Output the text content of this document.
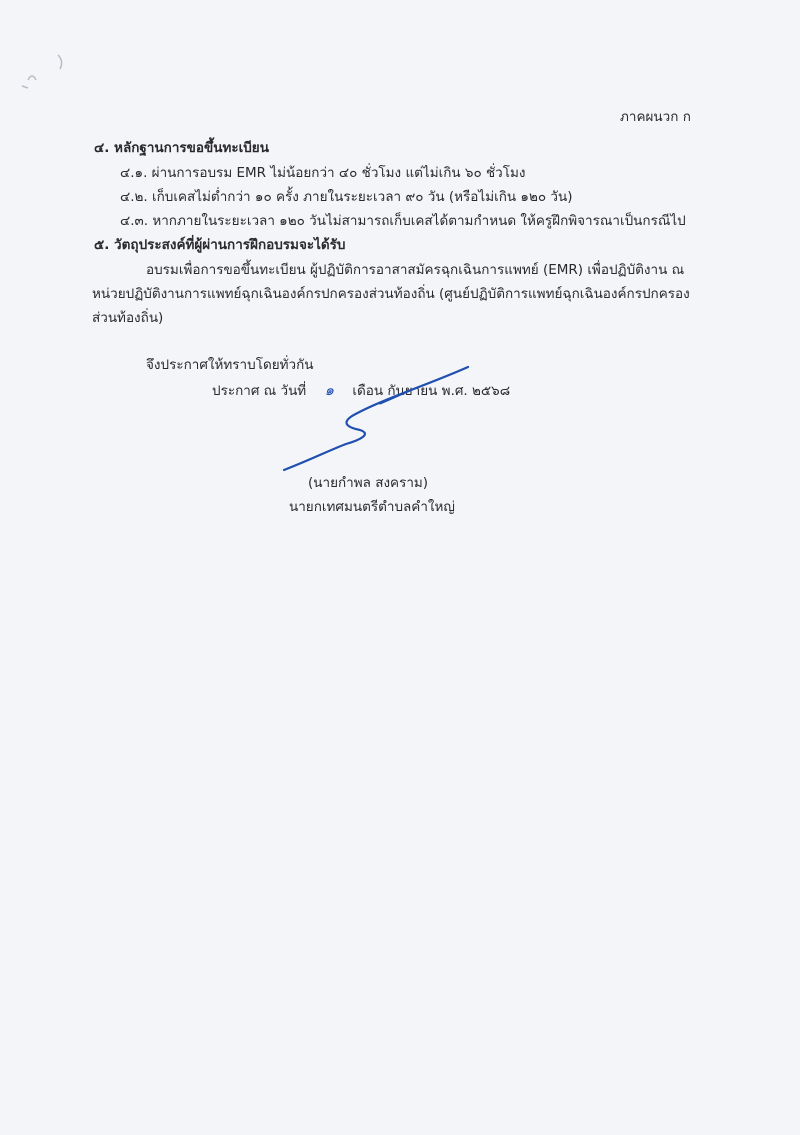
ภาคผนวก ก
๔. หลักฐานการขอขึ้นทะเบียน
๔.๑. ผ่านการอบรม EMR ไม่น้อยกว่า ๔๐ ชั่วโมง แต่ไม่เกิน ๖๐ ชั่วโมง
๔.๒. เก็บเคสไม่ต่ำกว่า ๑๐ ครั้ง ภายในระยะเวลา ๙๐ วัน (หรือไม่เกิน ๑๒๐ วัน)
๔.๓. หากภายในระยะเวลา ๑๒๐ วันไม่สามารถเก็บเคสได้ตามกำหนด ให้ครูฝึกพิจารณาเป็นกรณีไป
๕. วัตถุประสงค์ที่ผู้ผ่านการฝึกอบรมจะได้รับ
อบรมเพื่อการขอขึ้นทะเบียน ผู้ปฏิบัติการอาสาสมัครฉุกเฉินการแพทย์ (EMR) เพื่อปฏิบัติงาน ณ
หน่วยปฏิบัติงานการแพทย์ฉุกเฉินองค์กรปกครองส่วนท้องถิ่น (ศูนย์ปฏิบัติการแพทย์ฉุกเฉินองค์กรปกครอง
ส่วนท้องถิ่น)
จึงประกาศให้ทราบโดยทั่วกัน
ประกาศ ณ วันที่ ๑ เดือน กันยายน พ.ศ. ๒๕๖๘
(นายกำพล สงคราม)
นายกเทศมนตรีตำบลคำใหญ่
